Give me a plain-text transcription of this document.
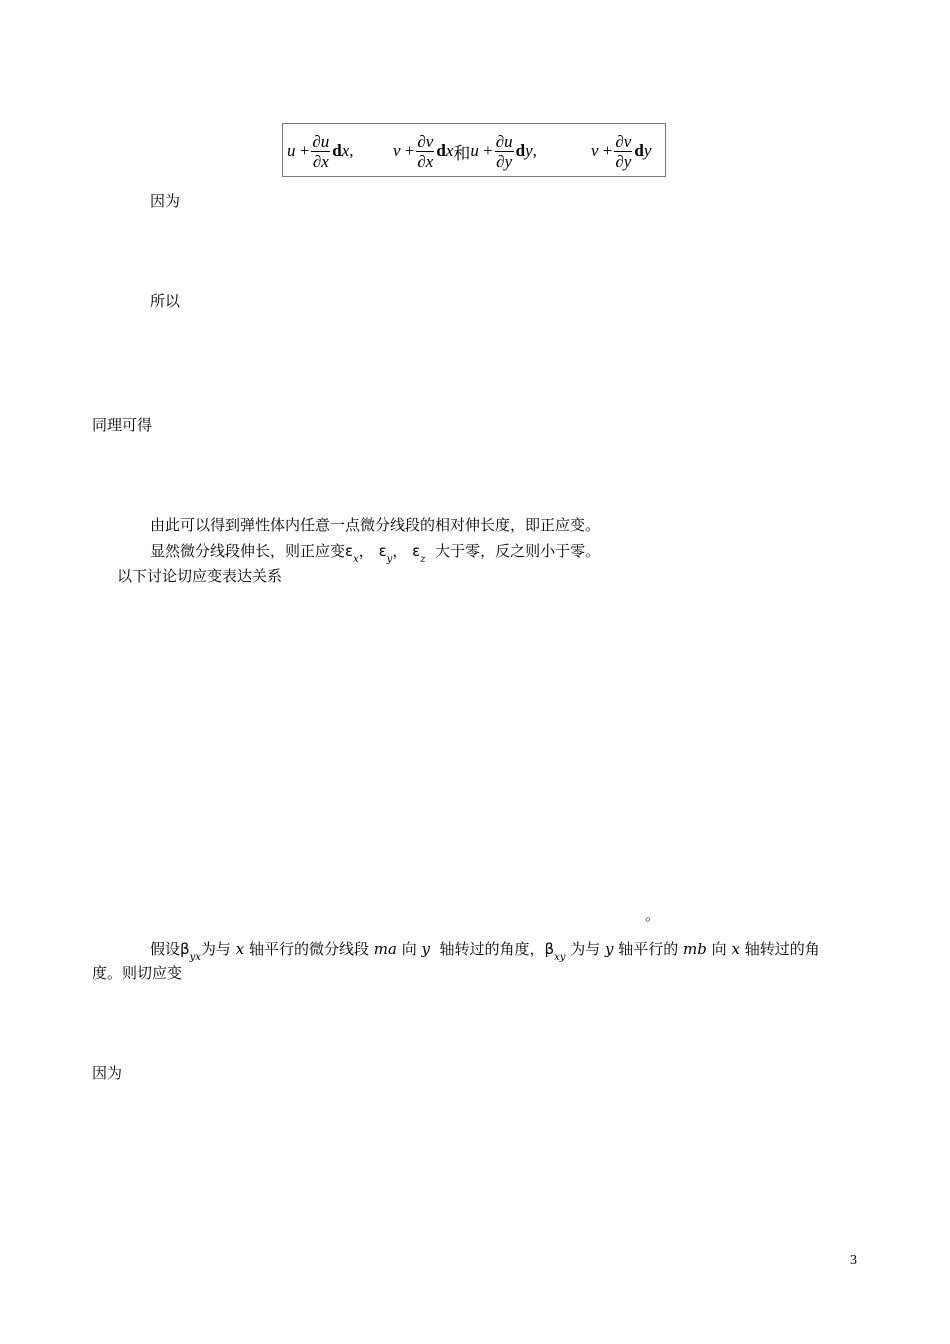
u
+ $\frac{\partial u}{\partial x}$ d x , v
+ $\frac{\partial v}{\partial x}$ d x 和 u
+ $\frac{\partial u}{\partial y}$ d y ,	v
+ $\frac{\partial v}{\partial y}$ d y
因为
所以
同理可得
由此可以得到弹性体内任意一点微分线段的相对伸长度，即正应变。
显然微分线段伸长，则正应变$\varepsilon_x$， $\varepsilon_y$， $\varepsilon_z$ 大于零，反之则小于零。
以下讨论切应变表达关系
。
假设$\beta_{yx}$为与 x 轴平行的微分线段 ma 向 y 轴转过的角度，$\beta_{xy}$ 为与 y 轴平行的 mb 向 x 轴转过的角
度。则切应变
因为
3
